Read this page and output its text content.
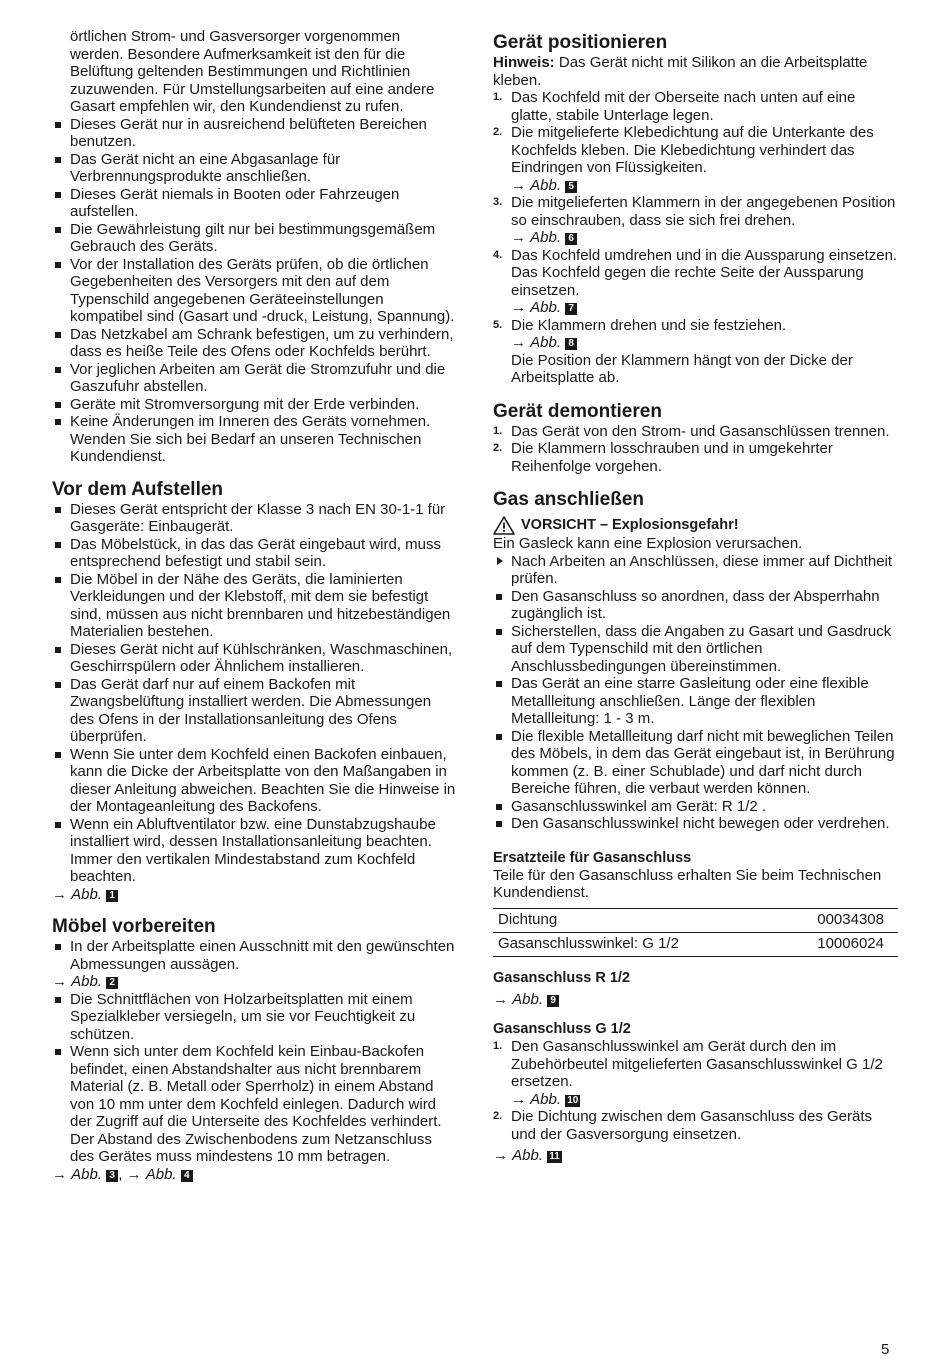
örtlichen Strom- und Gasversorger vorgenommen werden. Besondere Aufmerksamkeit ist den für die Belüftung geltenden Bestimmungen und Richtlinien zuzuwenden. Für Umstellungsarbeiten auf eine andere Gasart empfehlen wir, den Kundendienst zu rufen.

Dieses Gerät nur in ausreichend belüfteten Bereichen benutzen.
Das Gerät nicht an eine Abgasanlage für Verbrennungsprodukte anschließen.
Dieses Gerät niemals in Booten oder Fahrzeugen aufstellen.
Die Gewährleistung gilt nur bei bestimmungsgemäßem Gebrauch des Geräts.
Vor der Installation des Geräts prüfen, ob die örtlichen Gegebenheiten des Versorgers mit den auf dem Typenschild angegebenen Geräteeinstellungen kompatibel sind (Gasart und -druck, Leistung, Spannung).
Das Netzkabel am Schrank befestigen, um zu verhindern, dass es heiße Teile des Ofens oder Kochfelds berührt.
Vor jeglichen Arbeiten am Gerät die Stromzufuhr und die Gaszufuhr abstellen.
Geräte mit Stromversorgung mit der Erde verbinden.
Keine Änderungen im Inneren des Geräts vornehmen. Wenden Sie sich bei Bedarf an unseren Technischen Kundendienst.
Vor dem Aufstellen
Dieses Gerät entspricht der Klasse 3 nach EN 30-1-1 für Gasgeräte: Einbaugerät.
Das Möbelstück, in das das Gerät eingebaut wird, muss entsprechend befestigt und stabil sein.
Die Möbel in der Nähe des Geräts, die laminierten Verkleidungen und der Klebstoff, mit dem sie befestigt sind, müssen aus nicht brennbaren und hitzebeständigen Materialien bestehen.
Dieses Gerät nicht auf Kühlschränken, Waschmaschinen, Geschirrspülern oder Ähnlichem installieren.
Das Gerät darf nur auf einem Backofen mit Zwangsbelüftung installiert werden. Die Abmessungen des Ofens in der Installationsanleitung des Ofens überprüfen.
Wenn Sie unter dem Kochfeld einen Backofen einbauen, kann die Dicke der Arbeitsplatte von den Maßangaben in dieser Anleitung abweichen. Beachten Sie die Hinweise in der Montageanleitung des Backofens.
Wenn ein Abluftventilator bzw. eine Dunstabzugshaube installiert wird, dessen Installationsanleitung beachten. Immer den vertikalen Mindestabstand zum Kochfeld beachten.

→ Abb. 1

Möbel vorbereiten
In der Arbeitsplatte einen Ausschnitt mit den gewünschten Abmessungen aussägen.

→ Abb. 2

Die Schnittflächen von Holzarbeitsplatten mit einem Spezialkleber versiegeln, um sie vor Feuchtigkeit zu schützen.
Wenn sich unter dem Kochfeld kein Einbau-Backofen befindet, einen Abstandshalter aus nicht brennbarem Material (z. B. Metall oder Sperrholz) in einem Abstand von 10 mm unter dem Kochfeld einlegen. Dadurch wird der Zugriff auf die Unterseite des Kochfeldes verhindert. Der Abstand des Zwischenbodens zum Netzanschluss des Gerätes muss mindestens 10 mm betragen.

→ Abb. 3 , → Abb. 4

Gerät positionieren

Hinweis: Das Gerät nicht mit Silikon an die Arbeitsplatte kleben.

1. Das Kochfeld mit der Oberseite nach unten auf eine glatte, stabile Unterlage legen.
2. Die mitgelieferte Klebedichtung auf die Unterkante des Kochfelds kleben. Die Klebedichtung verhindert das Eindringen von Flüssigkeiten.
→ Abb. 5
3. Die mitgelieferten Klammern in der angegebenen Position so einschrauben, dass sie sich frei drehen.
→ Abb. 6
4. Das Kochfeld umdrehen und in die Aussparung einsetzen. Das Kochfeld gegen die rechte Seite der Aussparung einsetzen.
→ Abb. 7
5. Die Klammern drehen und sie festziehen.
→ Abb. 8
Die Position der Klammern hängt von der Dicke der Arbeitsplatte ab.
Gerät demontieren
1. Das Gerät von den Strom- und Gasanschlüssen trennen.
2. Die Klammern losschrauben und in umgekehrter Reihenfolge vorgehen.
Gas anschließen
VORSICHT – Explosionsgefahr!

Ein Gasleck kann eine Explosion verursachen.

Nach Arbeiten an Anschlüssen, diese immer auf Dichtheit prüfen.
Den Gasanschluss so anordnen, dass der Absperrhahn zugänglich ist.
Sicherstellen, dass die Angaben zu Gasart und Gasdruck auf dem Typenschild mit den örtlichen Anschlussbedingungen übereinstimmen.
Das Gerät an eine starre Gasleitung oder eine flexible Metallleitung anschließen. Länge der flexiblen Metallleitung: 1 - 3 m.
Die flexible Metallleitung darf nicht mit beweglichen Teilen des Möbels, in dem das Gerät eingebaut ist, in Berührung kommen (z. B. einer Schublade) und darf nicht durch Bereiche führen, die verbaut werden können.
Gasanschlusswinkel am Gerät: R 1/2 .
Den Gasanschlusswinkel nicht bewegen oder verdrehen.
Ersatzteile für Gasanschluss

Teile für den Gasanschluss erhalten Sie beim Technischen Kundendienst.

Dichtung	00034308
Gasanschlusswinkel: G 1/2	10006024
Gasanschluss R 1/2

→ Abb. 9

Gasanschluss G 1/2
1. Den Gasanschlusswinkel am Gerät durch den im Zubehörbeutel mitgelieferten Gasanschlusswinkel G 1/2 ersetzen.
→ Abb. 10
2. Die Dichtung zwischen dem Gasanschluss des Geräts und der Gasversorgung einsetzen.

→ Abb. 11

5
